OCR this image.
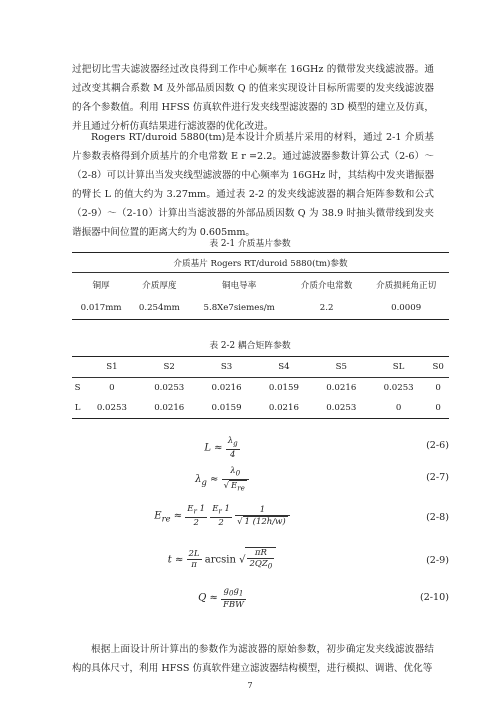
过把切比雪夫滤波器经过改良得到工作中心频率在 16GHz 的微带发夹线滤波器。通过改变其耦合系数 M 及外部品质因数 Q 的值来实现设计目标所需要的发夹线滤波器的各个参数值。利用 HFSS 仿真软件进行发夹线型滤波器的 3D 模型的建立及仿真，并且通过分析仿真结果进行滤波器的优化改进。

Rogers RT/duroid 5880(tm)是本设计介质基片采用的材料，通过 2-1 介质基片参数表格得到介质基片的介电常数 E r =2.2。通过滤波器参数计算公式（2-6）～（2-8）可以计算出当发夹线型滤波器的中心频率为 16GHz 时，其结构中发夹谐振器的臂长 L 的值大约为 3.27mm。通过表 2-2 的发夹线滤波器的耦合矩阵参数和公式（2-9）～（2-10）计算出当滤波器的外部品质因数 Q 为 38.9 时抽头微带线到发夹谐振器中间位置的距离大约为 0.605mm。

表 2-1 介质基片参数
介质基片 Rogers RT/duroid 5880(tm)参数				
铜厚	介质厚度	铜电导率	介质介电常数	介质损耗角正切
0.017mm	0.254mm	5.8Xe7siemes/m	2.2	0.0009
表 2-2 耦合矩阵参数
	S1	S2	S3	S4	S5	SL	S0
S	0	0.0253	0.0216	0.0159	0.0216	0.0253	0
L	0.0253	0.0216	0.0159	0.0216	0.0253	0	0
$L \approx \frac{\lambda_g}{4}$	(2-6)
$\lambda_g \approx \frac{\lambda_0}{√ E_{re}}$	(2-7)
$E_{re} \approx \frac{E_r 1}{2}$
$\frac{E_r 1}{2}$
$\frac{1}{√ 1 (12h/w)}$	(2-8)
$t \approx \frac{2L}{\pi}$ arcsin √ $\frac{\pi R}{2QZ_0}$	(2-9)
$Q \approx \frac{g_0g_1}{\text{FBW}}$	(2-10)

根据上面设计所计算出的参数作为滤波器的原始参数，初步确定发夹线滤波器结构的具体尺寸，利用 HFSS 仿真软件建立滤波器结构模型，进行模拟、调谐、优化等

7
